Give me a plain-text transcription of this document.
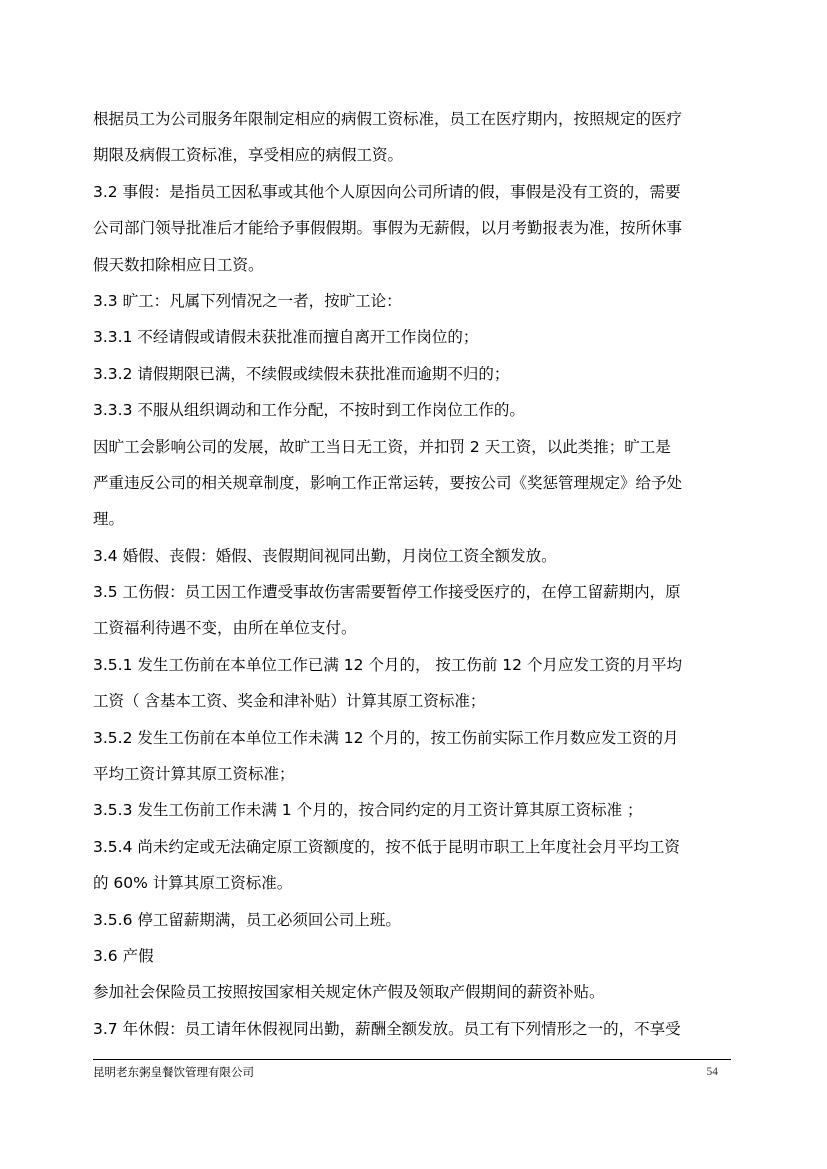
根据员工为公司服务年限制定相应的病假工资标准，员工在医疗期内，按照规定的医疗
期限及病假工资标准，享受相应的病假工资。
3.2 事假：是指员工因私事或其他个人原因向公司所请的假，事假是没有工资的，需要
公司部门领导批准后才能给予事假假期。事假为无薪假，以月考勤报表为准，按所休事
假天数扣除相应日工资。
3.3 旷工：凡属下列情况之一者，按旷工论：
3.3.1 不经请假或请假未获批准而擅自离开工作岗位的；
3.3.2 请假期限已满，不续假或续假未获批准而逾期不归的；
3.3.3 不服从组织调动和工作分配，不按时到工作岗位工作的。
因旷工会影响公司的发展，故旷工当日无工资，并扣罚 2 天工资，以此类推；旷工是
严重违反公司的相关规章制度，影响工作正常运转，要按公司《奖惩管理规定》给予处
理。
3.4 婚假、丧假：婚假、丧假期间视同出勤，月岗位工资全额发放。
3.5 工伤假：员工因工作遭受事故伤害需要暂停工作接受医疗的，在停工留薪期内，原
工资福利待遇不变，由所在单位支付。
3.5.1 发生工伤前在本单位工作已满 12 个月的， 按工伤前 12 个月应发工资的月平均
工资（ 含基本工资、奖金和津补贴）计算其原工资标准；
3.5.2 发生工伤前在本单位工作未满 12 个月的，按工伤前实际工作月数应发工资的月
平均工资计算其原工资标准；
3.5.3 发生工伤前工作未满 1 个月的，按合同约定的月工资计算其原工资标准 ；
3.5.4 尚未约定或无法确定原工资额度的，按不低于昆明市职工上年度社会月平均工资
的 60% 计算其原工资标准。
3.5.6 停工留薪期满，员工必须回公司上班。
3.6 产假
参加社会保险员工按照按国家相关规定休产假及领取产假期间的薪资补贴。
3.7 年休假：员工请年休假视同出勤，薪酬全额发放。员工有下列情形之一的，不享受
昆明老东粥皇餐饮管理有限公司	54
